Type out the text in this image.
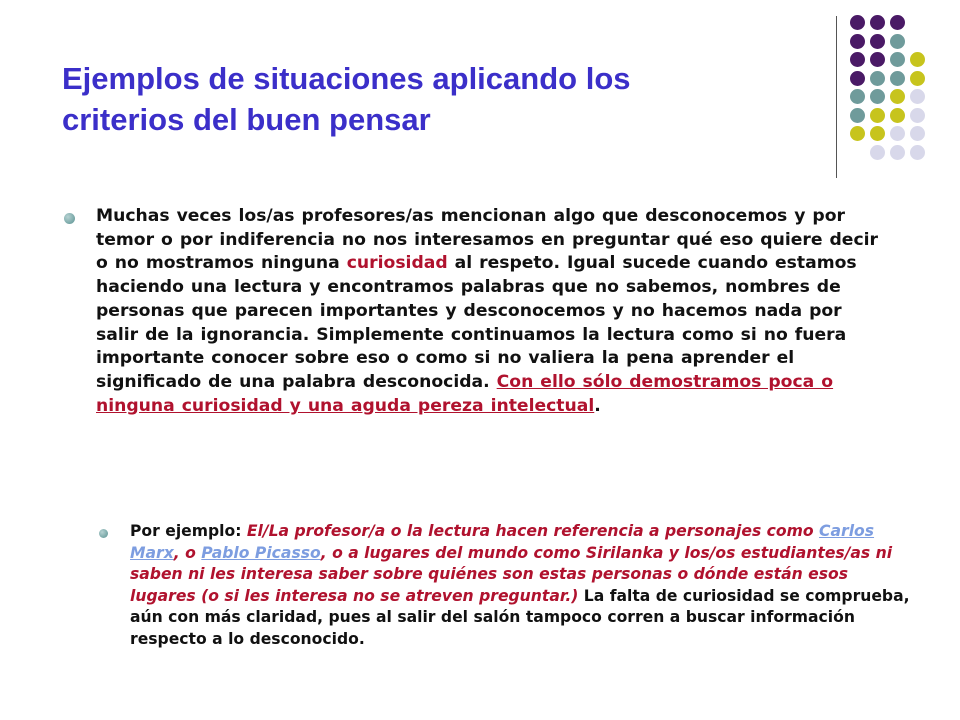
Ejemplos de situaciones aplicando los
criterios del buen pensar

Muchas veces los/as profesores/as mencionan algo que desconocemos y por temor o por indiferencia no nos interesamos en preguntar qué eso quiere decir o no mostramos ninguna curiosidad al respeto. Igual sucede cuando estamos haciendo una lectura y encontramos palabras que no sabemos, nombres de personas que parecen importantes y desconocemos y no hacemos nada por salir de la ignorancia. Simplemente continuamos la lectura como si no fuera importante conocer sobre eso o como si no valiera la pena aprender el significado de una palabra desconocida. Con ello sólo demostramos poca o ninguna curiosidad y una aguda pereza intelectual.

Por ejemplo: El/La profesor/a o la lectura hacen referencia a personajes como Carlos Marx, o Pablo Picasso, o a lugares del mundo como Sirilanka y los/os estudiantes/as ni saben ni les interesa saber sobre quiénes son estas personas o dónde están esos lugares (o si les interesa no se atreven preguntar.) La falta de curiosidad se comprueba, aún con más claridad, pues al salir del salón tampoco corren a buscar información respecto a lo desconocido.
